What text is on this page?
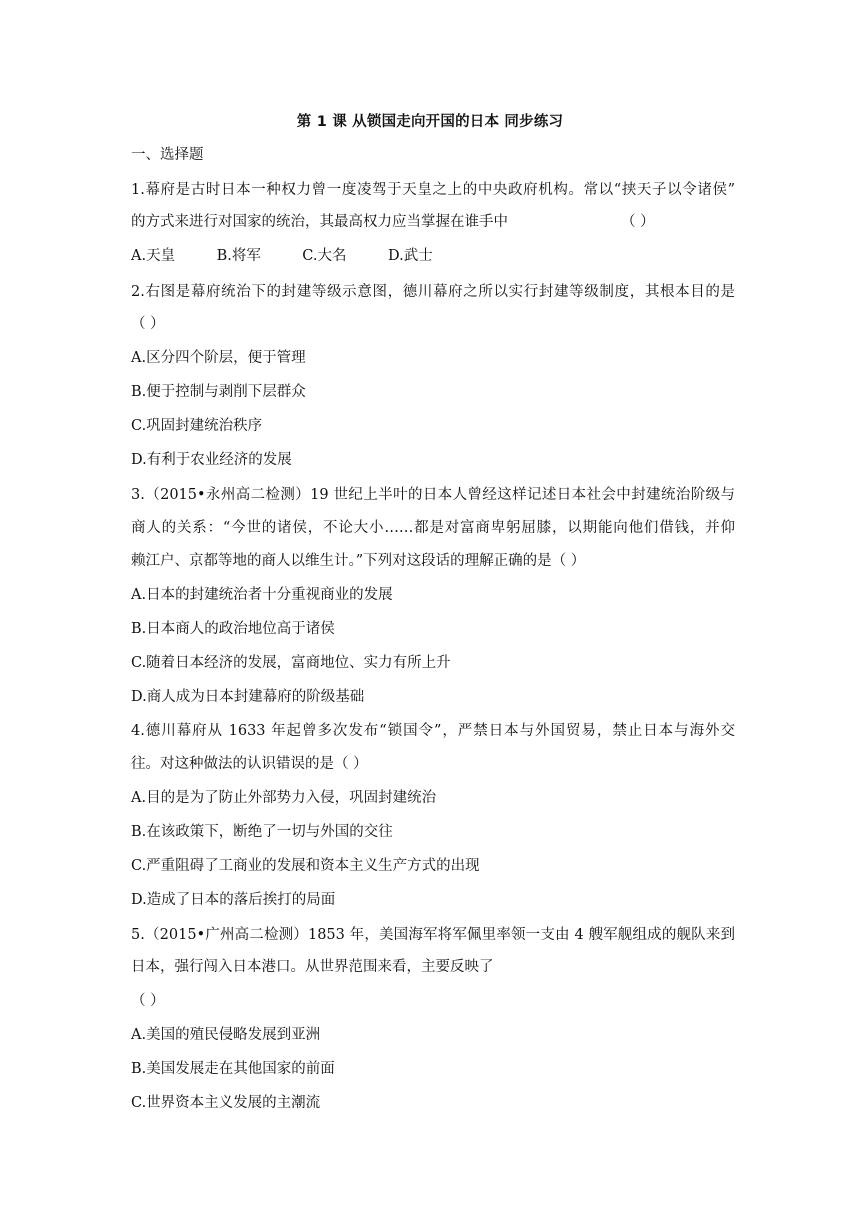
第 1 课 从锁国走向开国的日本 同步练习
一、选择题
1.幕府是古时日本一种权力曾一度凌驾于天皇之上的中央政府机构。常以“挟天子以令诸侯”
的方式来进行对国家的统治，其最高权力应当掌握在谁手中	（ ）
A.天皇         B.将军         C.大名         D.武士
2.右图是幕府统治下的封建等级示意图，德川幕府之所以实行封建等级制度，其根本目的是
（ ）
A.区分四个阶层，便于管理
B.便于控制与剥削下层群众
C.巩固封建统治秩序
D.有利于农业经济的发展
3.（2015•永州高二检测）19 世纪上半叶的日本人曾经这样记述日本社会中封建统治阶级与
商人的关系：“今世的诸侯，不论大小……都是对富商卑躬屈膝，以期能向他们借钱，并仰
赖江户、京都等地的商人以维生计。”下列对这段话的理解正确的是（ ）
A.日本的封建统治者十分重视商业的发展
B.日本商人的政治地位高于诸侯
C.随着日本经济的发展，富商地位、实力有所上升
D.商人成为日本封建幕府的阶级基础
4.德川幕府从 1633 年起曾多次发布“锁国令”，严禁日本与外国贸易，禁止日本与海外交
往。对这种做法的认识错误的是（ ）
A.目的是为了防止外部势力入侵，巩固封建统治
B.在该政策下，断绝了一切与外国的交往
C.严重阻碍了工商业的发展和资本主义生产方式的出现
D.造成了日本的落后挨打的局面
5.（2015•广州高二检测）1853 年，美国海军将军佩里率领一支由 4 艘军舰组成的舰队来到
日本，强行闯入日本港口。从世界范围来看，主要反映了
（ ）
A.美国的殖民侵略发展到亚洲
B.美国发展走在其他国家的前面
C.世界资本主义发展的主潮流
